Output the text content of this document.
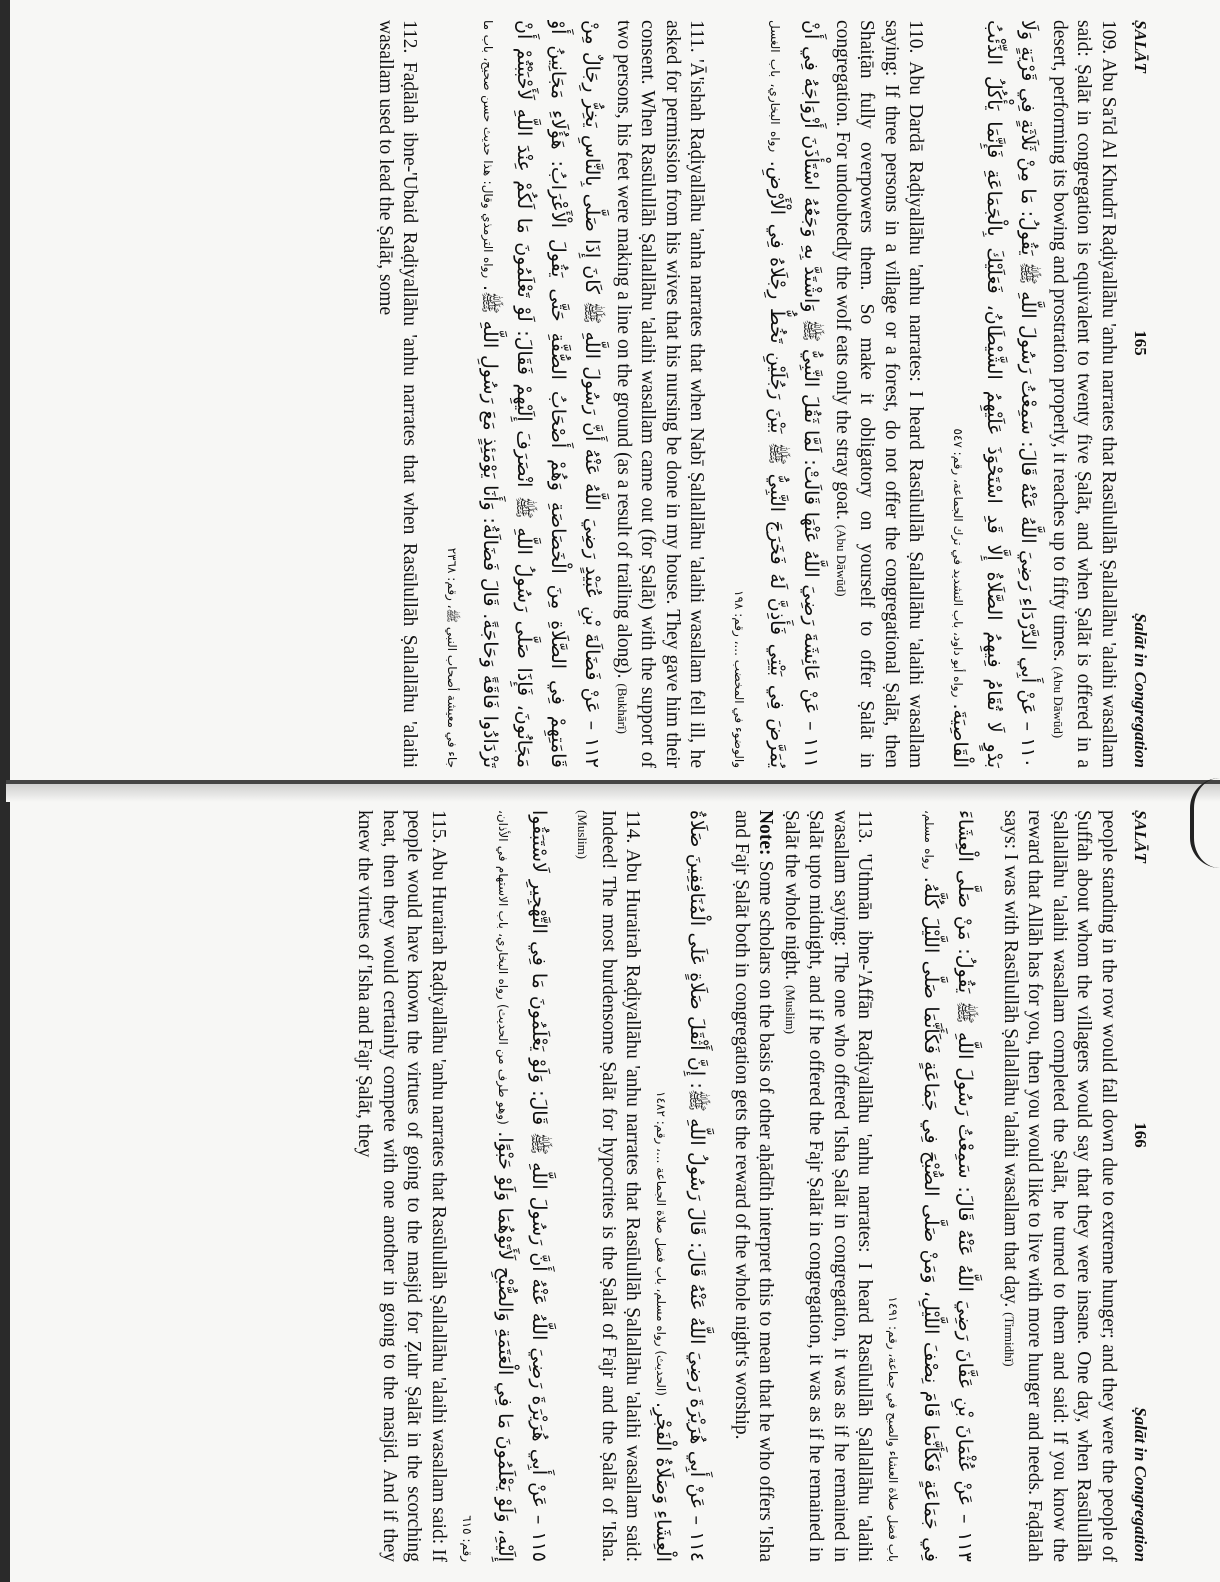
ṢALĀT
165
Ṣalāt in Congregation
109. Abu Sa'īd Al Khudrī Raḍiyallāhu 'anhu narrates that Rasūlullāh Ṣallallāhu 'alaihi wasallam said: Ṣalāt in congregation is equivalent to twenty five Ṣalāt, and when Ṣalāt is offered in a desert, performing its bowing and prostration properly, it reaches up to fifty times. (Abu Dāwūd)
١١٠ – عَنْ أَبِي الدَّرْدَاءِ رَضِيَ اللَّهُ عَنْهُ قَالَ: سَمِعْتُ رَسُولَ اللَّهِ ﷺ يَقُولُ: مَا مِنْ ثَلَاثَةٍ فِي قَرْيَةٍ وَلَا بَدْوٍ لَا تُقَامُ فِيهِمُ الصَّلَاةُ إِلَّا قَدِ اسْتَحْوَذَ عَلَيْهِمُ الشَّيْطَانُ، فَعَلَيْكَ بِالْجَمَاعَةِ فَإِنَّمَا يَأْكُلُ الذِّئْبُ الْقَاصِيَةَ. رواه أبو داود، باب التشديد في ترك الجماعة، رقم: ٥٤٧
110. Abu Dardā Raḍiyallāhu 'anhu narrates: I heard Rasūlullāh Ṣallallāhu 'alaihi wasallam saying: If three persons in a village or a forest, do not offer the congregational Ṣalāt, then Shaiṭān fully overpowers them. So make it obligatory on yourself to offer Ṣalāt in congregation. For undoubtedly the wolf eats only the stray goat. (Abu Dāwūd)
١١١ – عَنْ عَائِشَةَ رَضِيَ اللَّهُ عَنْهَا قَالَتْ: لَمَّا ثَقُلَ النَّبِيُّ ﷺ وَاشْتَدَّ بِهِ وَجَعُهُ اسْتَأْذَنَ أَزْوَاجَهُ فِي أَنْ يُمَرَّضَ فِي بَيْتِي فَأَذِنَّ لَهُ فَخَرَجَ النَّبِيُّ ﷺ بَيْنَ رَجُلَيْنِ تَخُطُّ رِجْلَاهُ فِي الْأَرْضِ. رواه البخاري، باب الغسل والوضوء في المخضب ...، رقم: ١٩٨
111. 'Ā'ishah Raḍiyallāhu 'anha narrates that when Nabī Ṣallallāhu 'alaihi wasallam fell ill, he asked for permission from his wives that his nursing be done in my house. They gave him their consent. When Rasūlullāh Ṣallallāhu 'alaihi wasallam came out (for Ṣalāt) with the support of two persons, his feet were making a line on the ground (as a result of trailing along). (Bukhārī)
١١٢ – عَنْ فَضَالَةَ بْنِ عُبَيْدٍ رَضِيَ اللَّهُ عَنْهُ أَنَّ رَسُولَ اللَّهِ ﷺ كَانَ إِذَا صَلَّى بِالنَّاسِ يَخِرُّ رِجَالٌ مِنْ قَامَتِهِمْ فِي الصَّلَاةِ مِنَ الْخَصَاصَةِ وَهُمْ أَصْحَابُ الصُّفَّةِ حَتَّى يَقُولَ الْأَعْرَابُ: هَؤُلَاءِ مَجَانِينُ أَوْ مَجَانُونَ، فَإِذَا صَلَّى رَسُولُ اللَّهِ ﷺ انْصَرَفَ إِلَيْهِمْ فَقَالَ: لَوْ تَعْلَمُونَ مَا لَكُمْ عِنْدَ اللَّهِ لَأَحْبَبْتُمْ أَنْ تَزْدَادُوا فَاقَةً وَحَاجَةً. قَالَ فَضَالَةُ: وَأَنَا يَوْمَئِذٍ مَعَ رَسُولِ اللَّهِ ﷺ. رواه الترمذي وقال: هذا حديث حسن صحيح، باب ما جاء في معيشة أصحاب النبي ﷺ، رقم: ٢٣٦٨
112. Faḍālah ibne-'Ubaid Raḍiyallāhu 'anhu narrates that when Rasūlullāh Ṣallallāhu 'alaihi wasallam used to lead the Ṣalāt, some
ṢALĀT
166
Ṣalāt in Congregation
people standing in the row would fall down due to extreme hunger; and they were the people of Ṣuffah about whom the villagers would say that they were insane. One day, when Rasūlullāh Ṣallallāhu 'alaihi wasallam completed the Ṣalāt, he turned to them and said: If you know the reward that Allāh has for you, then you would like to live with more hunger and needs. Faḍālah says: I was with Rasūlullāh Ṣallallāhu 'alaihi wasallam that day. (Tirmidhī)
١١٣ – عَنْ عُثْمَانَ بْنِ عَفَّانَ رَضِيَ اللَّهُ عَنْهُ قَالَ: سَمِعْتُ رَسُولَ اللَّهِ ﷺ يَقُولُ: مَنْ صَلَّى الْعِشَاءَ فِي جَمَاعَةٍ فَكَأَنَّمَا قَامَ نِصْفَ اللَّيْلِ، وَمَنْ صَلَّى الصُّبْحَ فِي جَمَاعَةٍ فَكَأَنَّمَا صَلَّى اللَّيْلَ كُلَّهُ. رواه مسلم، باب فضل صلاة العشاء والصبح في جماعة، رقم: ١٤٩١
113. 'Uthmān ibne-'Affān Raḍiyallāhu 'anhu narrates: I heard Rasūlullāh Ṣallallāhu 'alaihi wasallam saying: The one who offered 'Isha Ṣalāt in congregation, it was as if he remained in Ṣalāt upto midnight, and if he offered the Fajr Ṣalāt in congregation, it was as if he remained in Ṣalāt the whole night. (Muslim)
Note: Some scholars on the basis of other aḥādīth interpret this to mean that he who offers 'Isha and Fajr Ṣalāt both in congregation gets the reward of the whole night's worship.
١١٤ – عَنْ أَبِي هُرَيْرَةَ رَضِيَ اللَّهُ عَنْهُ قَالَ: قَالَ رَسُولُ اللَّهِ ﷺ: إِنَّ أَثْقَلَ صَلَاةٍ عَلَى الْمُنَافِقِينَ صَلَاةُ الْعِشَاءِ وَصَلَاةُ الْفَجْرِ. (الحديث) رواه مسلم، باب فضل صلاة الجماعة ...، رقم: ١٤٨٢
114. Abu Hurairah Raḍiyallāhu 'anhu narrates that Rasūlullāh Ṣallallāhu 'alaihi wasallam said: Indeed! The most burdensome Ṣalāt for hypocrites is the Ṣalāt of Fajr and the Ṣalāt of 'Isha. (Muslim)
١١٥ – عَنْ أَبِي هُرَيْرَةَ رَضِيَ اللَّهُ عَنْهُ أَنَّ رَسُولَ اللَّهِ ﷺ قَالَ: وَلَوْ يَعْلَمُونَ مَا فِي التَّهْجِيرِ لَاسْتَبَقُوا إِلَيْهِ، وَلَوْ يَعْلَمُونَ مَا فِي الْعَتَمَةِ وَالصُّبْحِ لَأَتَوْهُمَا وَلَوْ حَبْوًا. (وهو طرف من الحديث) رواه البخاري، باب الاستهام في الأذان، رقم: ٦١٥
115. Abu Hurairah Raḍiyallāhu 'anhu narrates that Rasūlullāh Ṣallallāhu 'alaihi wasallam said: If people would have known the virtues of going to the masjid for Ẓuhr Ṣalāt in the scorching heat, then they would certainly compete with one another in going to the masjid. And if they knew the virtues of 'Isha and Fajr Ṣalāt, they
